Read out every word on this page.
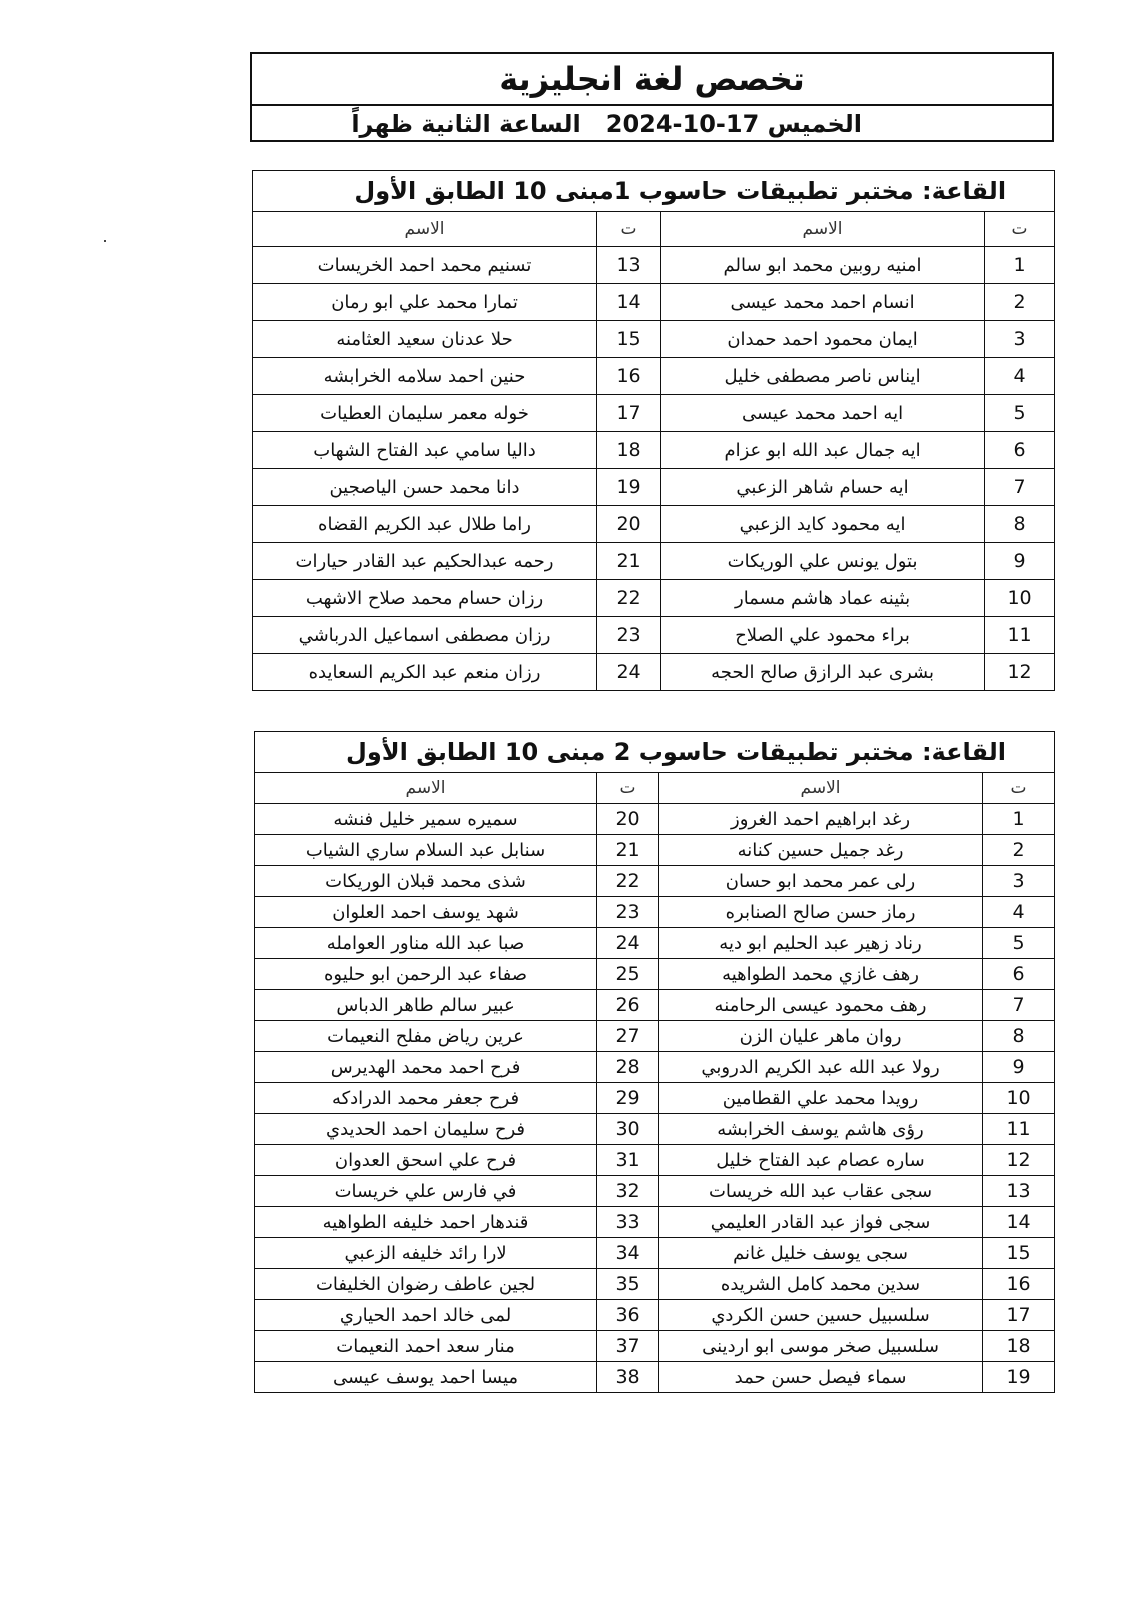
تخصص لغة انجليزية
الخميس 17-10-2024   الساعة الثانية ظهراً
القاعة: مختبر تطبيقات حاسوب 1مبنى 10 الطابق الأول			
ت	الاسم	ت	الاسم
1	امنيه روبين محمد ابو سالم	13	تسنيم محمد احمد الخريسات
2	انسام احمد محمد عيسى	14	تمارا محمد علي ابو رمان
3	ايمان محمود احمد حمدان	15	حلا عدنان سعيد العثامنه
4	ايناس ناصر مصطفى خليل	16	حنين احمد سلامه الخرابشه
5	ايه احمد محمد عيسى	17	خوله معمر سليمان العطيات
6	ايه جمال عبد الله ابو عزام	18	داليا سامي عبد الفتاح الشهاب
7	ايه حسام شاهر الزعبي	19	دانا محمد حسن الياصجين
8	ايه محمود كايد الزعبي	20	راما طلال عبد الكريم القضاه
9	بتول يونس علي الوريكات	21	رحمه عبدالحكيم عبد القادر حيارات
10	بثينه عماد هاشم مسمار	22	رزان حسام محمد صلاح الاشهب
11	براء محمود علي الصلاح	23	رزان مصطفى اسماعيل الدرباشي
12	بشرى عبد الرازق صالح الحجه	24	رزان منعم عبد الكريم السعايده
القاعة: مختبر تطبيقات حاسوب 2 مبنى 10 الطابق الأول			
ت	الاسم	ت	الاسم
1	رغد ابراهيم احمد الغروز	20	سميره سمير خليل فنشه
2	رغد جميل حسين كنانه	21	سنابل عبد السلام ساري الشياب
3	رلى عمر محمد ابو حسان	22	شذى محمد قبلان الوريكات
4	رماز حسن صالح الصنابره	23	شهد يوسف احمد العلوان
5	رناد زهير عبد الحليم ابو ديه	24	صبا عبد الله مناور العوامله
6	رهف غازي محمد الطواهيه	25	صفاء عبد الرحمن ابو حليوه
7	رهف محمود عيسى الرحامنه	26	عبير سالم طاهر الدباس
8	روان ماهر عليان الزن	27	عرين رياض مفلح النعيمات
9	رولا عبد الله عبد الكريم الدروبي	28	فرح احمد محمد الهديرس
10	رويدا محمد علي القطامين	29	فرح جعفر محمد الدرادكه
11	رؤى هاشم يوسف الخرابشه	30	فرح سليمان احمد الحديدي
12	ساره عصام عبد الفتاح خليل	31	فرح علي اسحق العدوان
13	سجى عقاب عبد الله خريسات	32	في فارس علي خريسات
14	سجى فواز عبد القادر العليمي	33	قندهار احمد خليفه الطواهيه
15	سجى يوسف خليل غانم	34	لارا رائد خليفه الزعبي
16	سدين محمد كامل الشريده	35	لجين عاطف رضوان الخليفات
17	سلسبيل حسين حسن الكردي	36	لمى خالد احمد الحياري
18	سلسبيل صخر موسى ابو اردينى	37	منار سعد احمد النعيمات
19	سماء فيصل حسن حمد	38	ميسا احمد يوسف عيسى
